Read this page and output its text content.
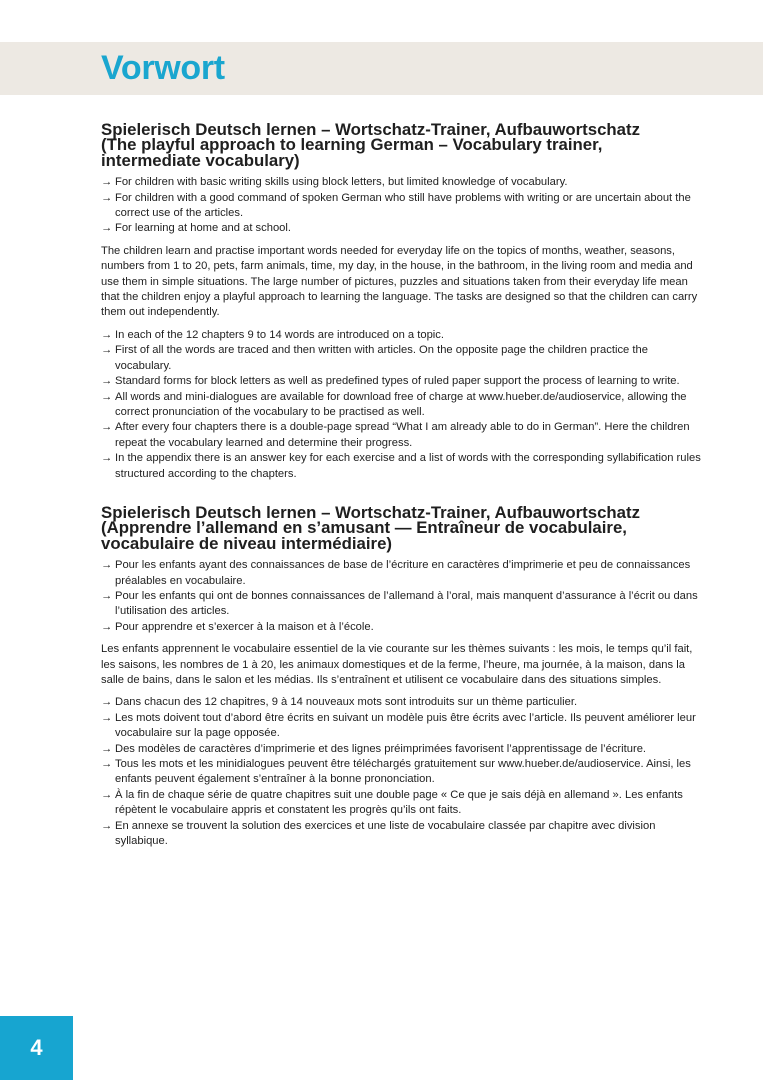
Vorwort
Spielerisch Deutsch lernen – Wortschatz-Trainer, Aufbauwortschatz
(The playful approach to learning German – Vocabulary trainer, intermediate vocabulary)
→ For children with basic writing skills using block letters, but limited knowledge of vocabulary.
→ For children with a good command of spoken German who still have problems with writing or are uncertain about the correct use of the articles.
→ For learning at home and at school.

The children learn and practise important words needed for everyday life on the topics of months, weather, seasons, numbers from 1 to 20, pets, farm animals, time, my day, in the house, in the bathroom, in the living room and media and use them in simple situations. The large number of pictures, puzzles and situations taken from their everyday life mean that the children enjoy a playful approach to learning the language. The tasks are designed so that the children can carry them out independently.

→ In each of the 12 chapters 9 to 14 words are introduced on a topic.
→ First of all the words are traced and then written with articles. On the opposite page the children practice the vocabulary.
→ Standard forms for block letters as well as predefined types of ruled paper support the process of learning to write.
→ All words and mini-dialogues are available for download free of charge at www.hueber.de/audioservice, allowing the correct pronunciation of the vocabulary to be practised as well.
→ After every four chapters there is a double-page spread “What I am already able to do in German”. Here the children repeat the vocabulary learned and determine their progress.
→ In the appendix there is an answer key for each exercise and a list of words with the corresponding syllabification rules structured according to the chapters.
Spielerisch Deutsch lernen – Wortschatz-Trainer, Aufbauwortschatz
(Apprendre l’allemand en s’amusant — Entraîneur de vocabulaire, vocabulaire de niveau intermédiaire)
→ Pour les enfants ayant des connaissances de base de l’écriture en caractères d’imprimerie et peu de connaissances préalables en vocabulaire.
→ Pour les enfants qui ont de bonnes connaissances de l’allemand à l’oral, mais manquent d’assurance à l’écrit ou dans l’utilisation des articles.
→ Pour apprendre et s’exercer à la maison et à l’école.

Les enfants apprennent le vocabulaire essentiel de la vie courante sur les thèmes suivants : les mois, le temps qu’il fait, les saisons, les nombres de 1 à 20, les animaux domestiques et de la ferme, l’heure, ma journée, à la maison, dans la salle de bains, dans le salon et les médias. Ils s’entraînent et utilisent ce vocabulaire dans des situations simples.

→ Dans chacun des 12 chapitres, 9 à 14 nouveaux mots sont introduits sur un thème particulier.
→ Les mots doivent tout d’abord être écrits en suivant un modèle puis être écrits avec l’article. Ils peuvent améliorer leur vocabulaire sur la page opposée.
→ Des modèles de caractères d’imprimerie et des lignes préimprimées favorisent l’apprentissage de l’écriture.
→ Tous les mots et les minidialogues peuvent être téléchargés gratuitement sur www.hueber.de/audioservice. Ainsi, les enfants peuvent également s’entraîner à la bonne prononciation.
→ À la fin de chaque série de quatre chapitres suit une double page « Ce que je sais déjà en allemand ». Les enfants répètent le vocabulaire appris et constatent les progrès qu’ils ont faits.
→ En annexe se trouvent la solution des exercices et une liste de vocabulaire classée par chapitre avec division syllabique.
4
